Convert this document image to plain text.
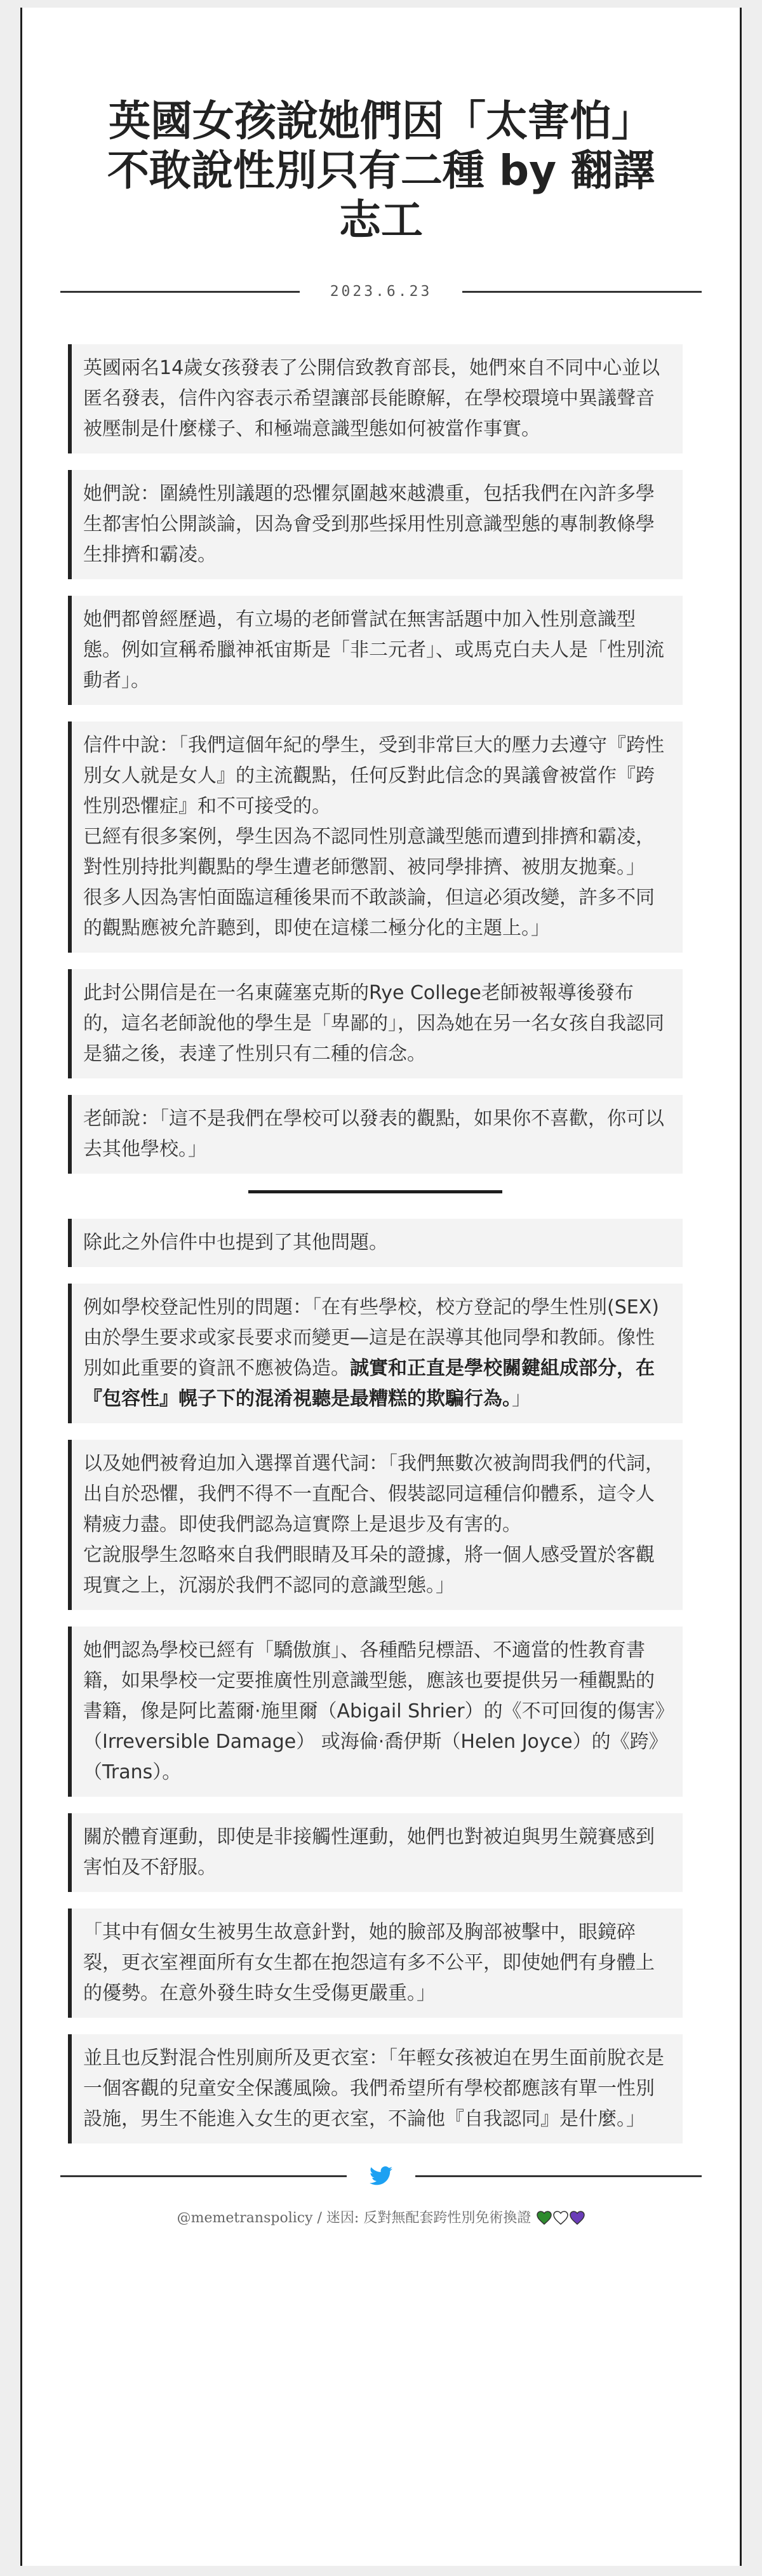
英國女孩說她們因「太害怕」不敢說性別只有二種 by 翻譯志工
2023.6.23

英國兩名14歲女孩發表了公開信致教育部長，她們來自不同中心並以匿名發表，信件內容表示希望讓部長能瞭解，在學校環境中異議聲音被壓制是什麼樣子、和極端意識型態如何被當作事實。

她們說：圍繞性別議題的恐懼氛圍越來越濃重，包括我們在內許多學生都害怕公開談論，因為會受到那些採用性別意識型態的專制教條學生排擠和霸凌。

她們都曾經歷過，有立場的老師嘗試在無害話題中加入性別意識型態。例如宣稱希臘神祇宙斯是「非二元者」、或馬克白夫人是「性別流動者」。

信件中說：「我們這個年紀的學生，受到非常巨大的壓力去遵守『跨性別女人就是女人』的主流觀點，任何反對此信念的異議會被當作『跨性別恐懼症』和不可接受的。
已經有很多案例，學生因為不認同性別意識型態而遭到排擠和霸凌，對性別持批判觀點的學生遭老師懲罰、被同學排擠、被朋友拋棄。」
很多人因為害怕面臨這種後果而不敢談論，但這必須改變，許多不同的觀點應被允許聽到，即使在這樣二極分化的主題上。」

此封公開信是在一名東薩塞克斯的Rye College老師被報導後發布的，這名老師說他的學生是「卑鄙的」，因為她在另一名女孩自我認同是貓之後，表達了性別只有二種的信念。

老師說：「這不是我們在學校可以發表的觀點，如果你不喜歡，你可以去其他學校。」

除此之外信件中也提到了其他問題。

例如學校登記性別的問題：「在有些學校，校方登記的學生性別(SEX)由於學生要求或家長要求而變更—這是在誤導其他同學和教師。像性別如此重要的資訊不應被偽造。誠實和正直是學校關鍵組成部分，在『包容性』幌子下的混淆視聽是最糟糕的欺騙行為。」

以及她們被脅迫加入選擇首選代詞：「我們無數次被詢問我們的代詞，出自於恐懼，我們不得不一直配合、假裝認同這種信仰體系，這令人精疲力盡。即使我們認為這實際上是退步及有害的。
它說服學生忽略來自我們眼睛及耳朵的證據，將一個人感受置於客觀現實之上，沉溺於我們不認同的意識型態。」

她們認為學校已經有「驕傲旗」、各種酷兒標語、不適當的性教育書籍，如果學校一定要推廣性別意識型態，應該也要提供另一種觀點的書籍，像是阿比蓋爾·施里爾（Abigail Shrier）的《不可回復的傷害》（Irreversible Damage） 或海倫·喬伊斯（Helen Joyce）的《跨》（Trans）。

關於體育運動，即使是非接觸性運動，她們也對被迫與男生競賽感到害怕及不舒服。

「其中有個女生被男生故意針對，她的臉部及胸部被擊中，眼鏡碎裂，更衣室裡面所有女生都在抱怨這有多不公平，即使她們有身體上的優勢。在意外發生時女生受傷更嚴重。」

並且也反對混合性別廁所及更衣室：「年輕女孩被迫在男生面前脫衣是一個客觀的兒童安全保護風險。我們希望所有學校都應該有單一性別設施，男生不能進入女生的更衣室，不論他『自我認同』是什麼。」

@memetranspolicy / 迷因: 反對無配套跨性別免術換證
